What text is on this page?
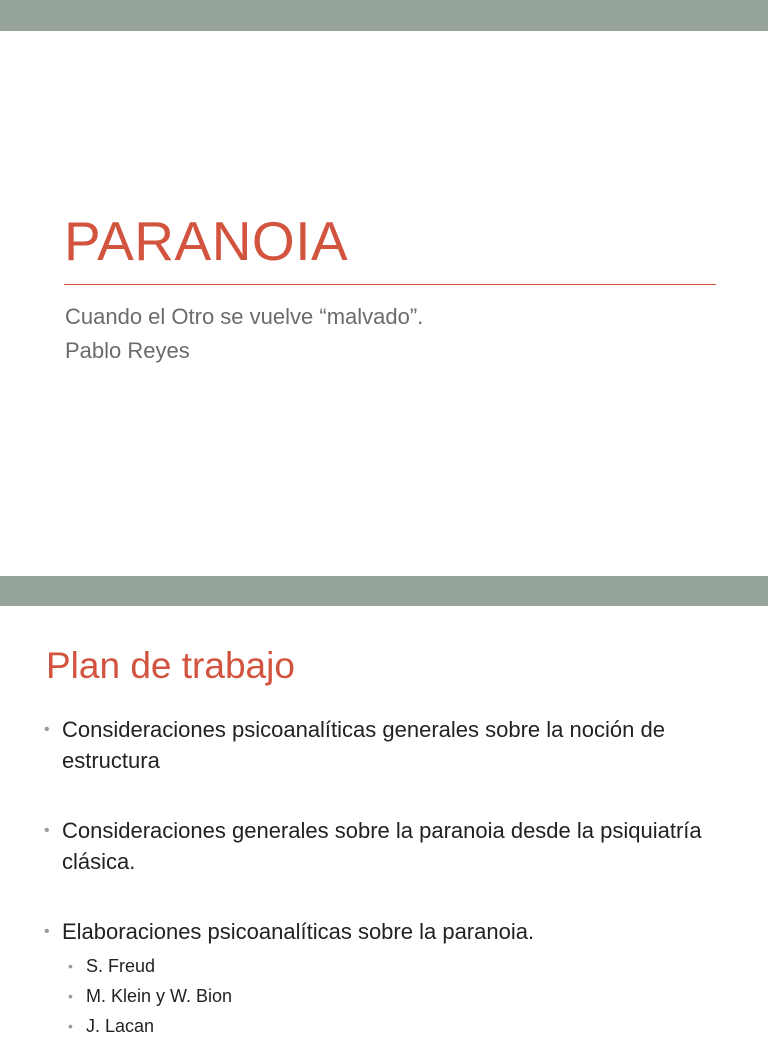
PARANOIA
Cuando el Otro se vuelve “malvado”.
Pablo Reyes
Plan de trabajo
• Consideraciones psicoanalíticas generales sobre la noción de estructura
• Consideraciones generales sobre la paranoia desde la psiquiatría clásica.
• Elaboraciones psicoanalíticas sobre la paranoia.
• S. Freud
• M. Klein y W. Bion
• J. Lacan
